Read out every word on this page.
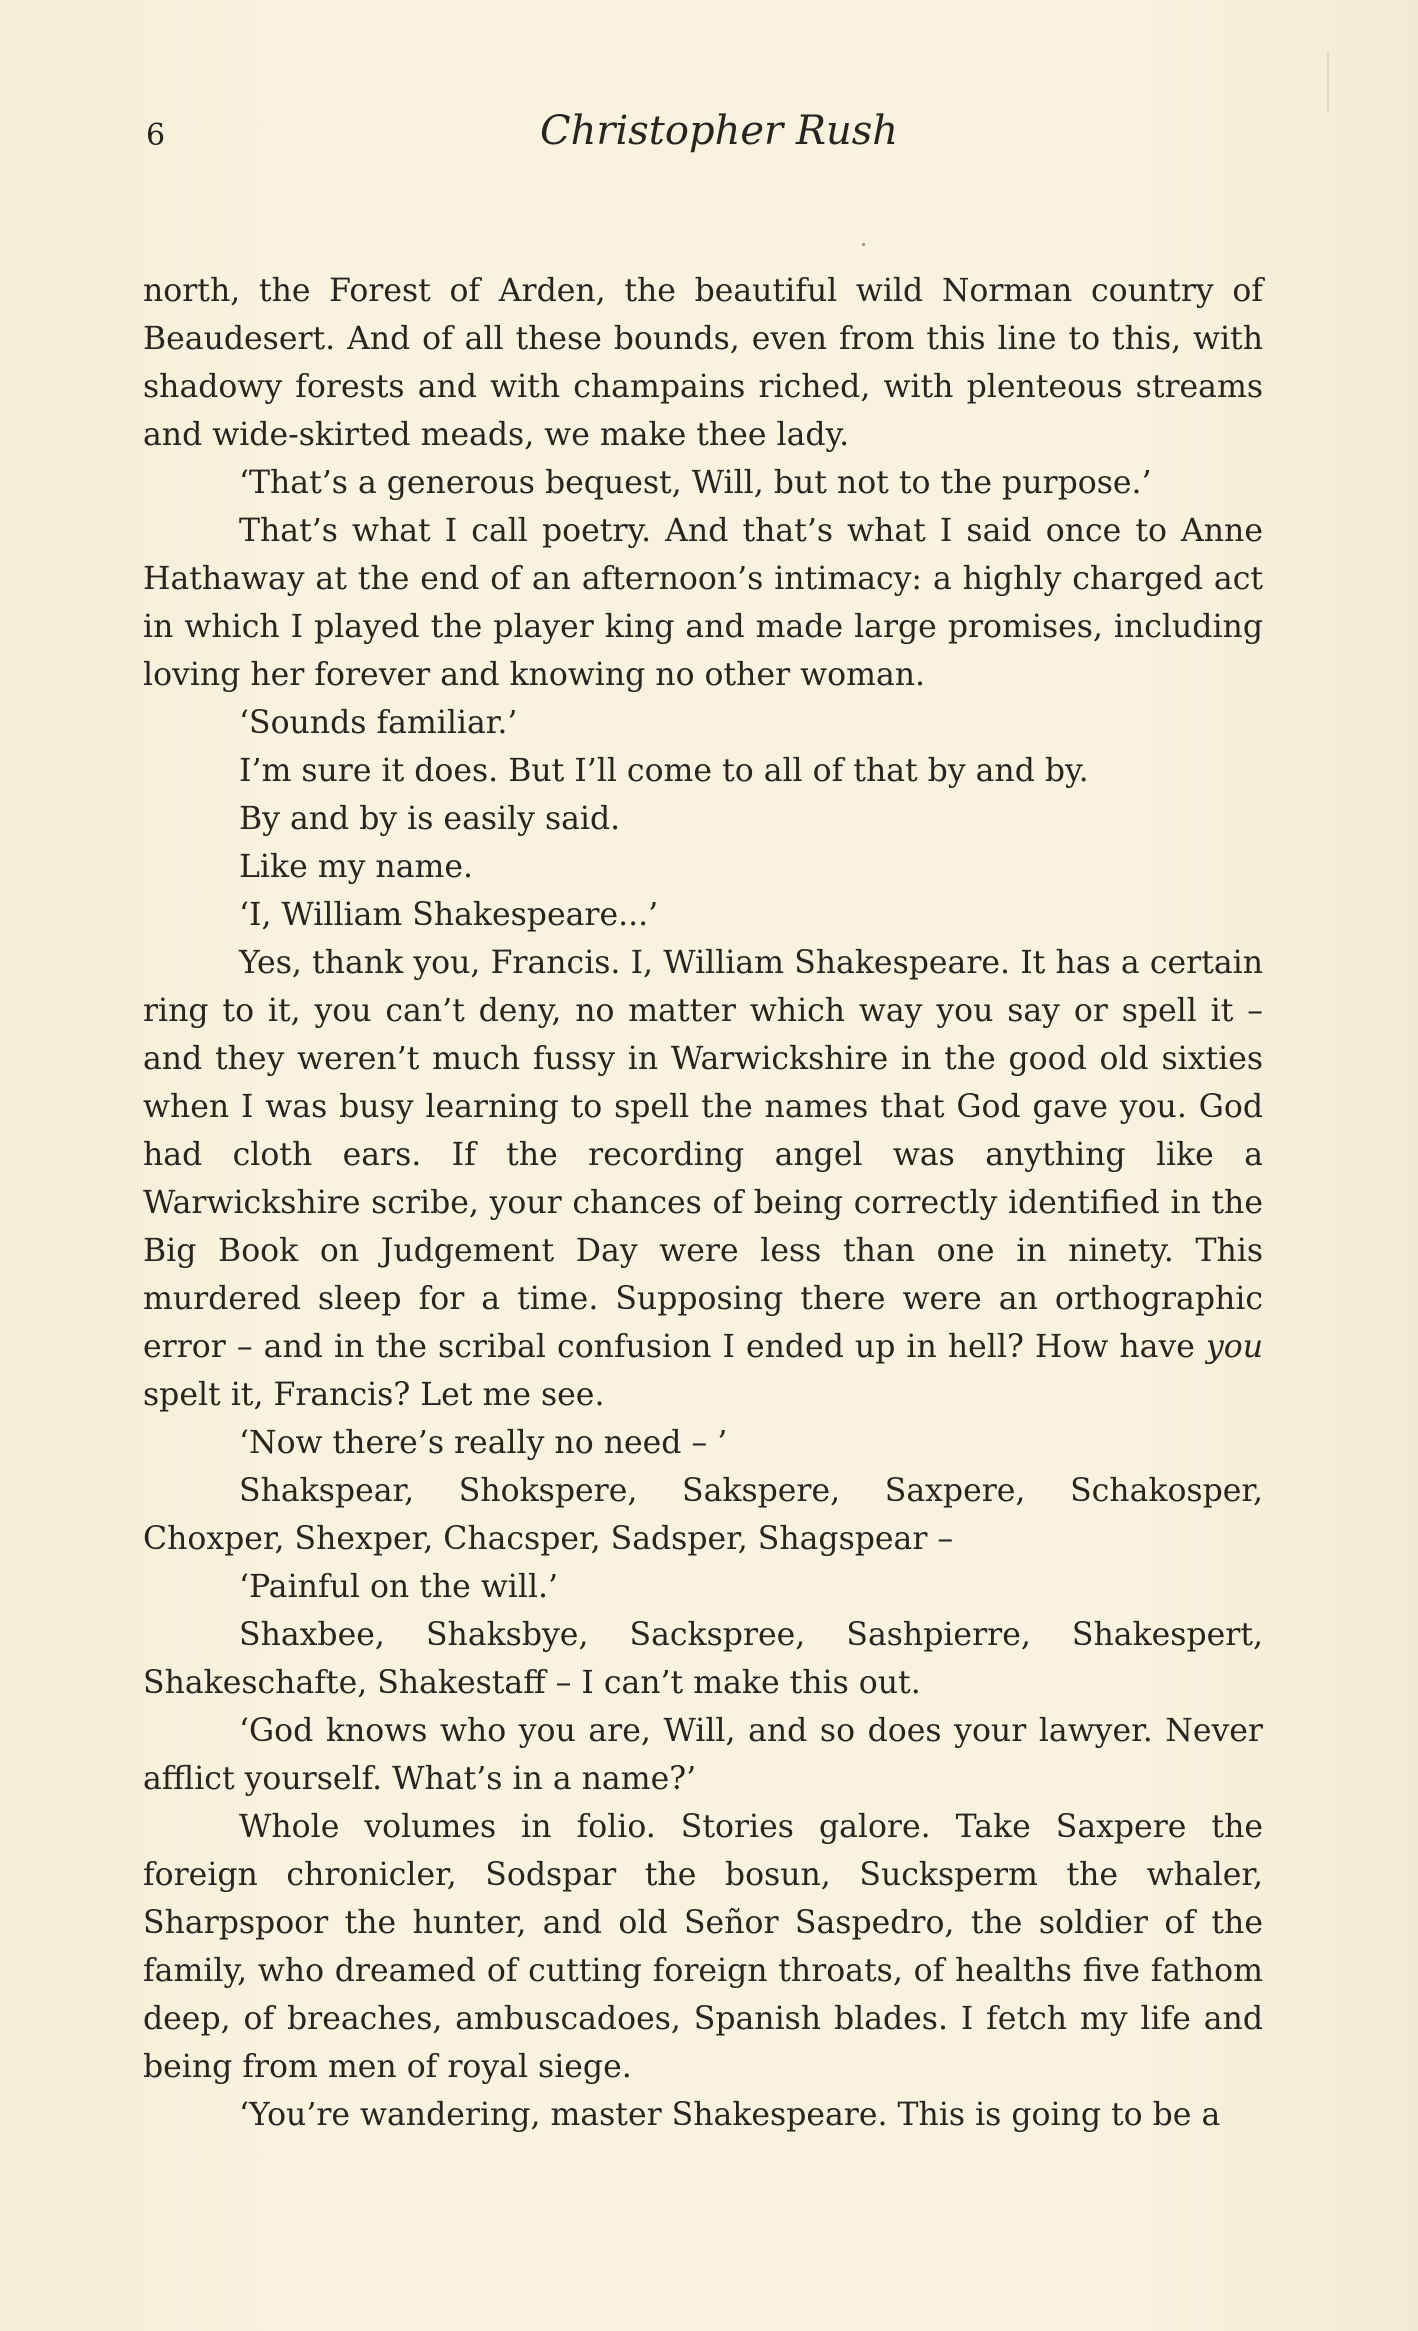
6	Christopher Rush

north, the Forest of Arden, the beautiful wild Norman country of Beaudesert. And of all these bounds, even from this line to this, with shadowy forests and with champains riched, with plenteous streams and wide-skirted meads, we make thee lady.

‘That’s a generous bequest, Will, but not to the purpose.’

That’s what I call poetry. And that’s what I said once to Anne Hathaway at the end of an afternoon’s intimacy: a highly charged act in which I played the player king and made large promises, including loving her forever and knowing no other woman.

‘Sounds familiar.’

I’m sure it does. But I’ll come to all of that by and by.

By and by is easily said.

Like my name.

‘I, William Shakespeare...’

Yes, thank you, Francis. I, William Shakespeare. It has a certain ring to it, you can’t deny, no matter which way you say or spell it – and they weren’t much fussy in Warwickshire in the good old sixties when I was busy learning to spell the names that God gave you. God had cloth ears. If the recording angel was anything like a Warwickshire scribe, your chances of being correctly identified in the Big Book on Judgement Day were less than one in ninety. This murdered sleep for a time. Supposing there were an orthographic error – and in the scribal confusion I ended up in hell? How have you spelt it, Francis? Let me see.

‘Now there’s really no need – ’

Shakspear, Shokspere, Sakspere, Saxpere, Schakosper, Choxper, Shexper, Chacsper, Sadsper, Shagspear –

‘Painful on the will.’

Shaxbee, Shaksbye, Sackspree, Sashpierre, Shakespert, Shakeschafte, Shakestaff – I can’t make this out.

‘God knows who you are, Will, and so does your lawyer. Never afflict yourself. What’s in a name?’

Whole volumes in folio. Stories galore. Take Saxpere the foreign chronicler, Sodspar the bosun, Sucksperm the whaler, Sharpspoor the hunter, and old Señor Saspedro, the soldier of the family, who dreamed of cutting foreign throats, of healths five fathom deep, of breaches, ambuscadoes, Spanish blades. I fetch my life and being from men of royal siege.

‘You’re wandering, master Shakespeare. This is going to be a
